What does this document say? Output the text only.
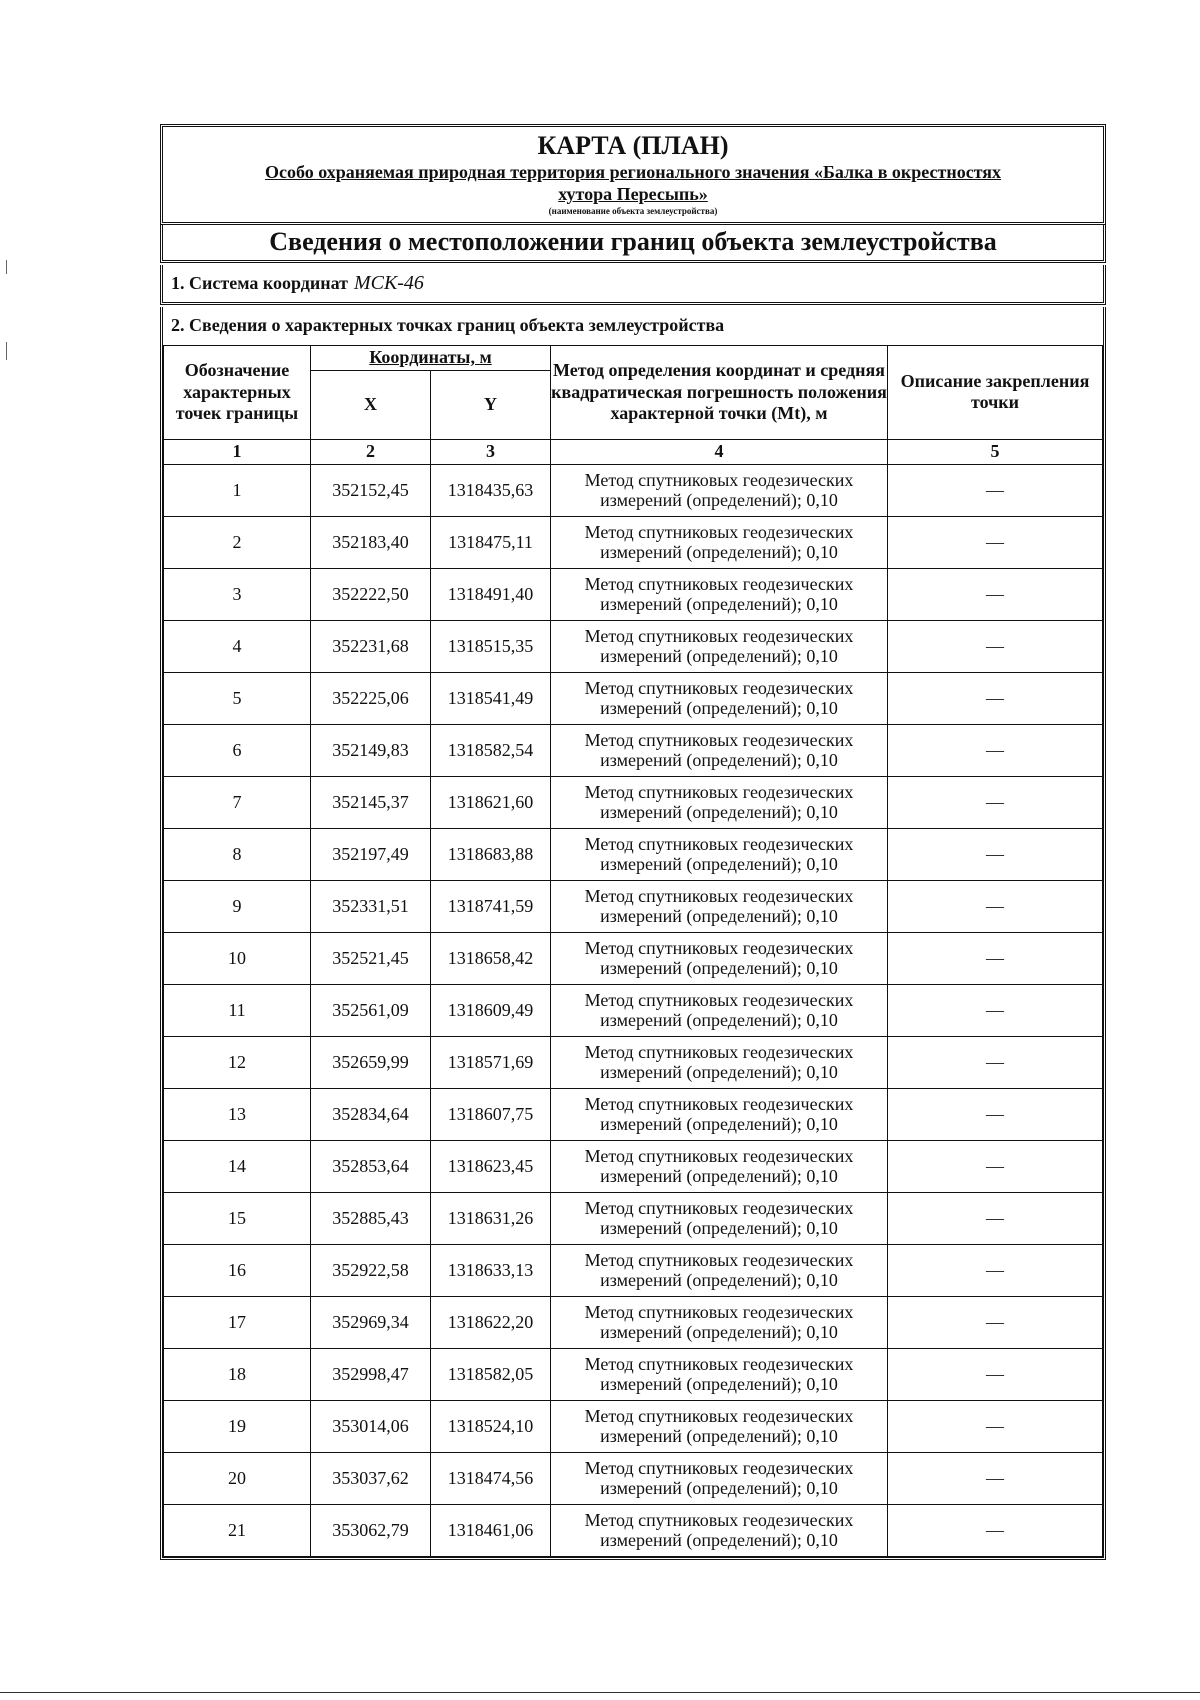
КАРТА (ПЛАН)

Особо охраняемая природная территория регионального значения «Балка в окрестностях

хутора Пересыпь»

(наименование объекта землеустройства)

Сведения о местоположении границ объекта землеустройства
1. Система координат МСК-46
2. Сведения о характерных точках границ объекта землеустройства
Обозначение характерных точек границы	Координаты, м		Метод определения координат и средняя квадратическая погрешность положения характерной точки (Мt), м	Описание закрепления точки
	X	Y		
1	2	3	4	5
1	352152,45	1318435,63	Метод спутниковых геодезических измерений (определений); 0,10	—
2	352183,40	1318475,11	Метод спутниковых геодезических измерений (определений); 0,10	—
3	352222,50	1318491,40	Метод спутниковых геодезических измерений (определений); 0,10	—
4	352231,68	1318515,35	Метод спутниковых геодезических измерений (определений); 0,10	—
5	352225,06	1318541,49	Метод спутниковых геодезических измерений (определений); 0,10	—
6	352149,83	1318582,54	Метод спутниковых геодезических измерений (определений); 0,10	—
7	352145,37	1318621,60	Метод спутниковых геодезических измерений (определений); 0,10	—
8	352197,49	1318683,88	Метод спутниковых геодезических измерений (определений); 0,10	—
9	352331,51	1318741,59	Метод спутниковых геодезических измерений (определений); 0,10	—
10	352521,45	1318658,42	Метод спутниковых геодезических измерений (определений); 0,10	—
11	352561,09	1318609,49	Метод спутниковых геодезических измерений (определений); 0,10	—
12	352659,99	1318571,69	Метод спутниковых геодезических измерений (определений); 0,10	—
13	352834,64	1318607,75	Метод спутниковых геодезических измерений (определений); 0,10	—
14	352853,64	1318623,45	Метод спутниковых геодезических измерений (определений); 0,10	—
15	352885,43	1318631,26	Метод спутниковых геодезических измерений (определений); 0,10	—
16	352922,58	1318633,13	Метод спутниковых геодезических измерений (определений); 0,10	—
17	352969,34	1318622,20	Метод спутниковых геодезических измерений (определений); 0,10	—
18	352998,47	1318582,05	Метод спутниковых геодезических измерений (определений); 0,10	—
19	353014,06	1318524,10	Метод спутниковых геодезических измерений (определений); 0,10	—
20	353037,62	1318474,56	Метод спутниковых геодезических измерений (определений); 0,10	—
21	353062,79	1318461,06	Метод спутниковых геодезических измерений (определений); 0,10	—
